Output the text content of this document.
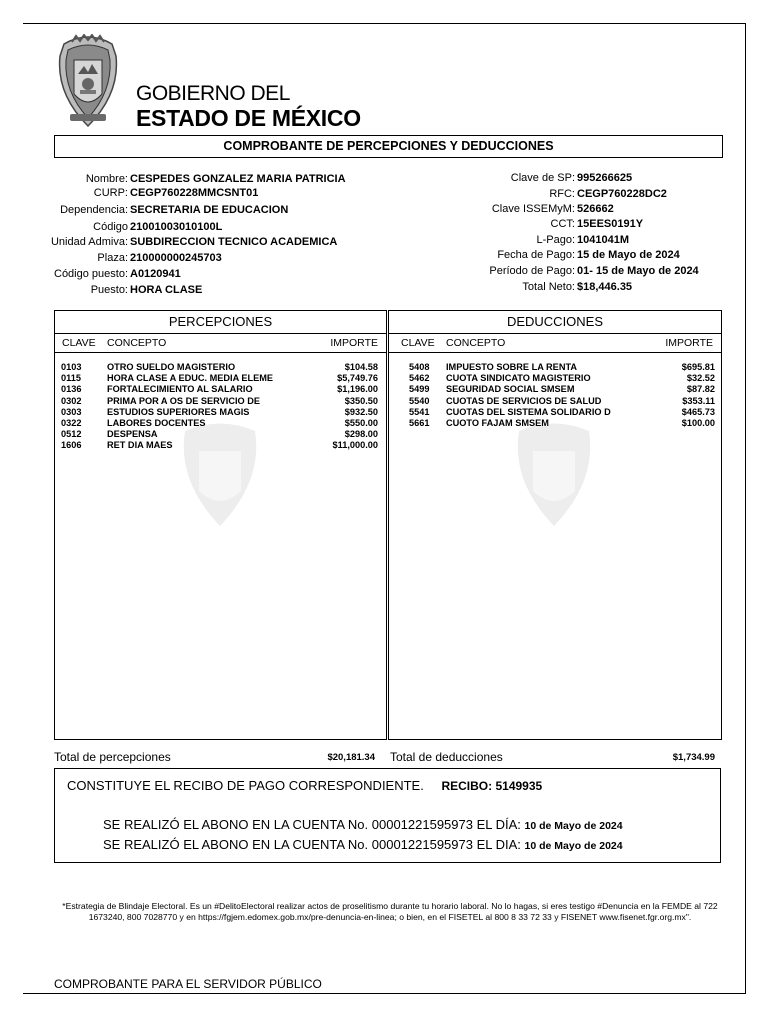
GOBIERNO DEL
ESTADO DE MÉXICO
COMPROBANTE DE PERCEPCIONES Y DEDUCCIONES
Nombre: CESPEDES GONZALEZ MARIA PATRICIA
CURP: CEGP760228MMCSNT01
Dependencia: SECRETARIA DE EDUCACION
Código 21001003010100L
Unidad Admiva: SUBDIRECCION TECNICO ACADEMICA
Plaza: 210000000245703
Código puesto: A0120941
Puesto: HORA CLASE
Clave de SP: 995266625
RFC: CEGP760228DC2
Clave ISSEMyM: 526662
CCT: 15EES0191Y
L-Pago: 1041041M
Fecha de Pago: 15 de Mayo de 2024
Período de Pago: 01- 15 de Mayo de 2024
Total Neto: $18,446.35
PERCEPCIONES
CLAVE CONCEPTO	IMPORTE
0103	OTRO SUELDO MAGISTERIO	$104.58
0115	HORA CLASE A EDUC. MEDIA ELEME	$5,749.76
0136	FORTALECIMIENTO AL SALARIO	$1,196.00
0302	PRIMA POR A OS DE SERVICIO DE	$350.50
0303	ESTUDIOS SUPERIORES MAGIS	$932.50
0322	LABORES DOCENTES	$550.00
0512	DESPENSA	$298.00
1606	RET DIA MAES	$11,000.00
DEDUCCIONES
CLAVE CONCEPTO	IMPORTE
5408 IMPUESTO SOBRE LA RENTA	$695.81
5462 CUOTA SINDICATO MAGISTERIO	$32.52
5499 SEGURIDAD SOCIAL SMSEM	$87.82
5540 CUOTAS DE SERVICIOS DE SALUD	$353.11
5541 CUOTAS DEL SISTEMA SOLIDARIO D	$465.73
5661 CUOTO FAJAM SMSEM	$100.00
Total de percepciones	$20,181.34 Total de deducciones	$1,734.99
CONSTITUYE EL RECIBO DE PAGO CORRESPONDIENTE. RECIBO: 5149935
SE REALIZÓ EL ABONO EN LA CUENTA No. 00001221595973 EL DÍA: 10 de Mayo de 2024
SE REALIZÓ EL ABONO EN LA CUENTA No. 00001221595973 EL DIA: 10 de Mayo de 2024
*Estrategia de Blindaje Electoral. Es un #DelitoElectoral realizar actos de proselitismo durante tu horario laboral. No lo hagas, si eres testigo #Denuncia en la FEMDE al 722 1673240, 800 7028770 y en https://fgjem.edomex.gob.mx/pre-denuncia-en-linea; o bien, en el FISETEL al 800 8 33 72 33 y FISENET www.fisenet.fgr.org.mx".
COMPROBANTE PARA EL SERVIDOR PÚBLICO
